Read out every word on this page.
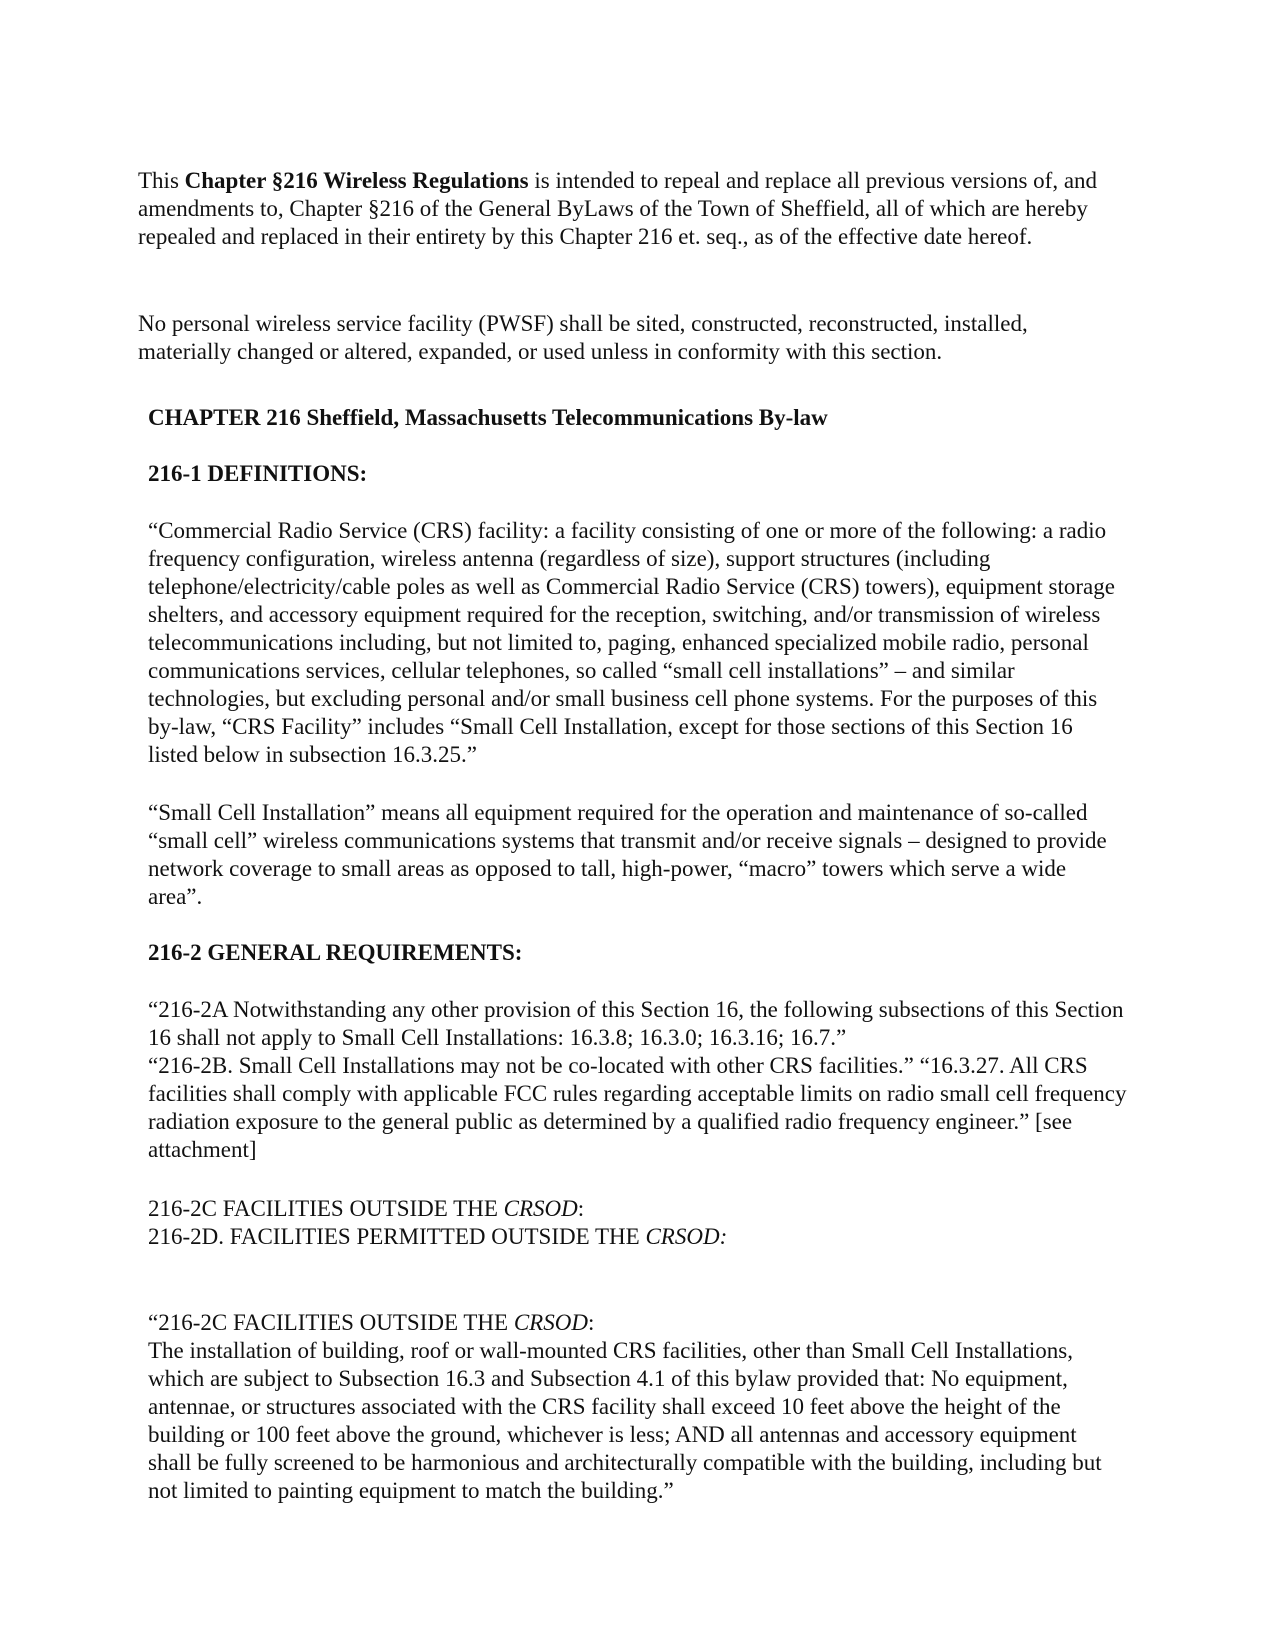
This Chapter §216 Wireless Regulations is intended to repeal and replace all previous versions of, and amendments to, Chapter §216 of the General ByLaws of the Town of Sheffield, all of which are hereby repealed and replaced in their entirety by this Chapter 216 et. seq., as of the effective date hereof.

No personal wireless service facility (PWSF) shall be sited, constructed, reconstructed, installed, materially changed or altered, expanded, or used unless in conformity with this section.

CHAPTER 216 Sheffield, Massachusetts Telecommunications By-law

216-1 DEFINITIONS:

“Commercial Radio Service (CRS) facility: a facility consisting of one or more of the following: a radio frequency configuration, wireless antenna (regardless of size), support structures (including telephone/electricity/cable poles as well as Commercial Radio Service (CRS) towers), equipment storage shelters, and accessory equipment required for the reception, switching, and/or transmission of wireless telecommunications including, but not limited to, paging, enhanced specialized mobile radio, personal communications services, cellular telephones, so called “small cell installations” – and similar technologies, but excluding personal and/or small business cell phone systems. For the purposes of this by-law, “CRS Facility” includes “Small Cell Installation, except for those sections of this Section 16 listed below in subsection 16.3.25.”

“Small Cell Installation” means all equipment required for the operation and maintenance of so-called “small cell” wireless communications systems that transmit and/or receive signals – designed to provide network coverage to small areas as opposed to tall, high-power, “macro” towers which serve a wide area”.

216-2 GENERAL REQUIREMENTS:

“216-2A Notwithstanding any other provision of this Section 16, the following subsections of this Section 16 shall not apply to Small Cell Installations: 16.3.8; 16.3.0; 16.3.16; 16.7.”
“216-2B. Small Cell Installations may not be co-located with other CRS facilities.” “16.3.27. All CRS facilities shall comply with applicable FCC rules regarding acceptable limits on radio small cell frequency radiation exposure to the general public as determined by a qualified radio frequency engineer.” [see attachment]
216-2C FACILITIES OUTSIDE THE CRSOD:
216-2D. FACILITIES PERMITTED OUTSIDE THE CRSOD:
“216-2C FACILITIES OUTSIDE THE CRSOD:
The installation of building, roof or wall-mounted CRS facilities, other than Small Cell Installations, which are subject to Subsection 16.3 and Subsection 4.1 of this bylaw provided that: No equipment, antennae, or structures associated with the CRS facility shall exceed 10 feet above the height of the building or 100 feet above the ground, whichever is less; AND all antennas and accessory equipment shall be fully screened to be harmonious and architecturally compatible with the building, including but not limited to painting equipment to match the building.”
